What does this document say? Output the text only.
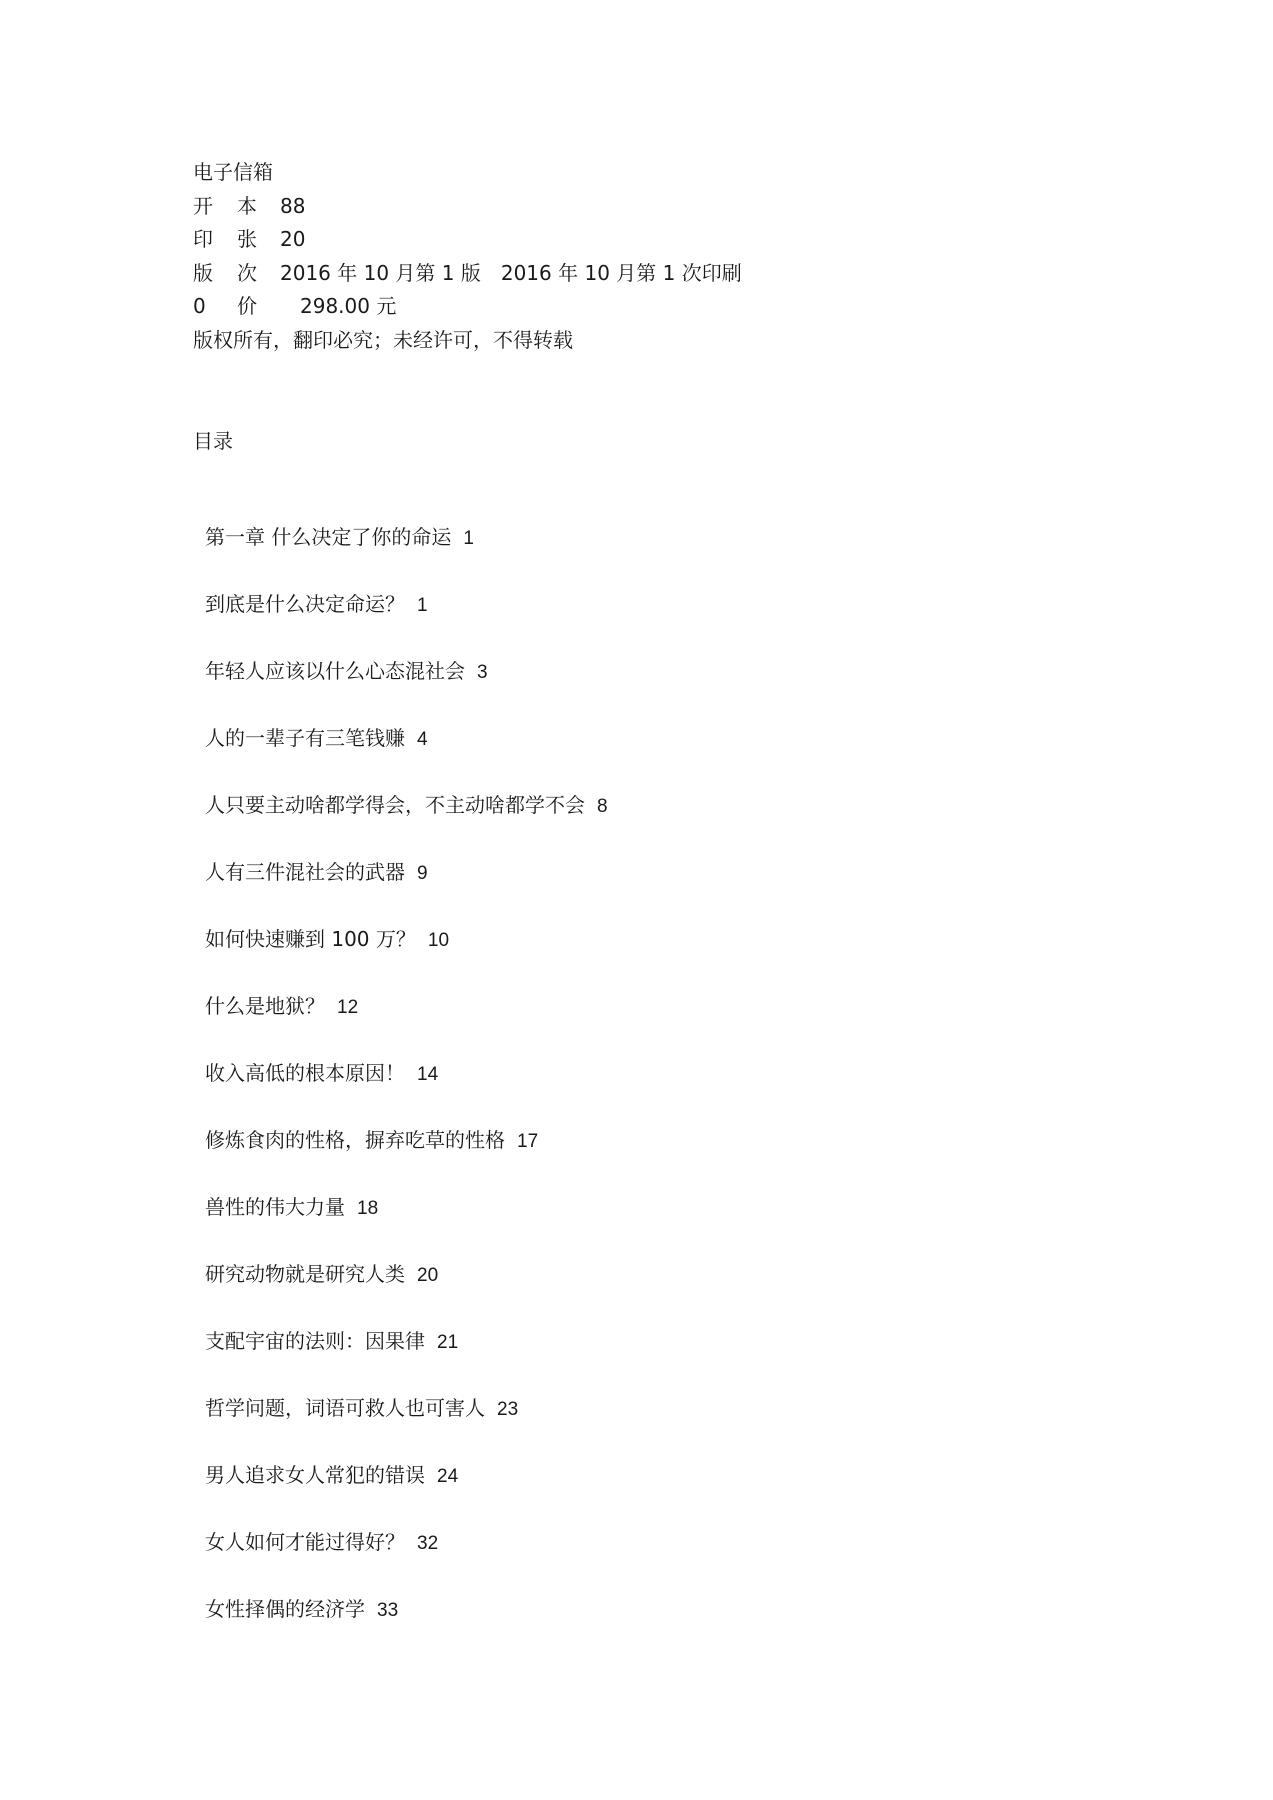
电子信箱
开 本	88
印 张	20
版 次	2016 年 10 月第 1 版　2016 年 10 月第 1 次印刷
0 价	298.00 元
版权所有，翻印必究；未经许可，不得转载
目录
第一章 什么决定了你的命运 1
到底是什么决定命运？ 1
年轻人应该以什么心态混社会 3
人的一辈子有三笔钱赚 4
人只要主动啥都学得会，不主动啥都学不会 8
人有三件混社会的武器 9
如何快速赚到 100 万？ 10
什么是地狱？ 12
收入高低的根本原因！ 14
修炼食肉的性格，摒弃吃草的性格 17
兽性的伟大力量 18
研究动物就是研究人类 20
支配宇宙的法则：因果律 21
哲学问题，词语可救人也可害人 23
男人追求女人常犯的错误 24
女人如何才能过得好？ 32
女性择偶的经济学 33
